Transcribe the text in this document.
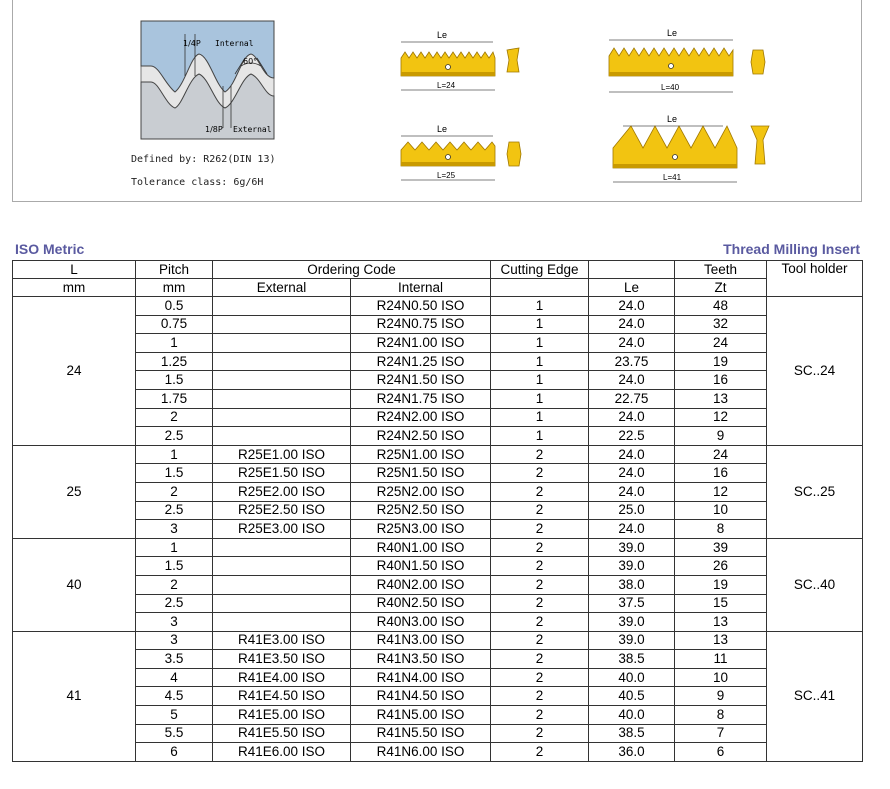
1/4P Internal
60°
1/8P External
Defined by: R262(DIN 13)
Tolerance class: 6g/6H
Le
L=24
Le
L=40
Le
L=25
Le
L=41
ISO Metric	Thread Milling Insert
L	Pitch	Ordering Code		Cutting Edge		Teeth	Tool holder
mm	mm	External	Internal		Le	Zt	
24	0.5		R24N0.50 ISO	1	24.0	48	SC..24
	0.75		R24N0.75 ISO	1	24.0	32	
	1		R24N1.00 ISO	1	24.0	24	
	1.25		R24N1.25 ISO	1	23.75	19	
	1.5		R24N1.50 ISO	1	24.0	16	
	1.75		R24N1.75 ISO	1	22.75	13	
	2		R24N2.00 ISO	1	24.0	12	
	2.5		R24N2.50 ISO	1	22.5	9	
25	1	R25E1.00 ISO	R25N1.00 ISO	2	24.0	24	SC..25
	1.5	R25E1.50 ISO	R25N1.50 ISO	2	24.0	16	
	2	R25E2.00 ISO	R25N2.00 ISO	2	24.0	12	
	2.5	R25E2.50 ISO	R25N2.50 ISO	2	25.0	10	
	3	R25E3.00 ISO	R25N3.00 ISO	2	24.0	8	
40	1		R40N1.00 ISO	2	39.0	39	SC..40
	1.5		R40N1.50 ISO	2	39.0	26	
	2		R40N2.00 ISO	2	38.0	19	
	2.5		R40N2.50 ISO	2	37.5	15	
	3		R40N3.00 ISO	2	39.0	13	
41	3	R41E3.00 ISO	R41N3.00 ISO	2	39.0	13	SC..41
	3.5	R41E3.50 ISO	R41N3.50 ISO	2	38.5	11	
	4	R41E4.00 ISO	R41N4.00 ISO	2	40.0	10	
	4.5	R41E4.50 ISO	R41N4.50 ISO	2	40.5	9	
	5	R41E5.00 ISO	R41N5.00 ISO	2	40.0	8	
	5.5	R41E5.50 ISO	R41N5.50 ISO	2	38.5	7	
	6	R41E6.00 ISO	R41N6.00 ISO	2	36.0	6	
